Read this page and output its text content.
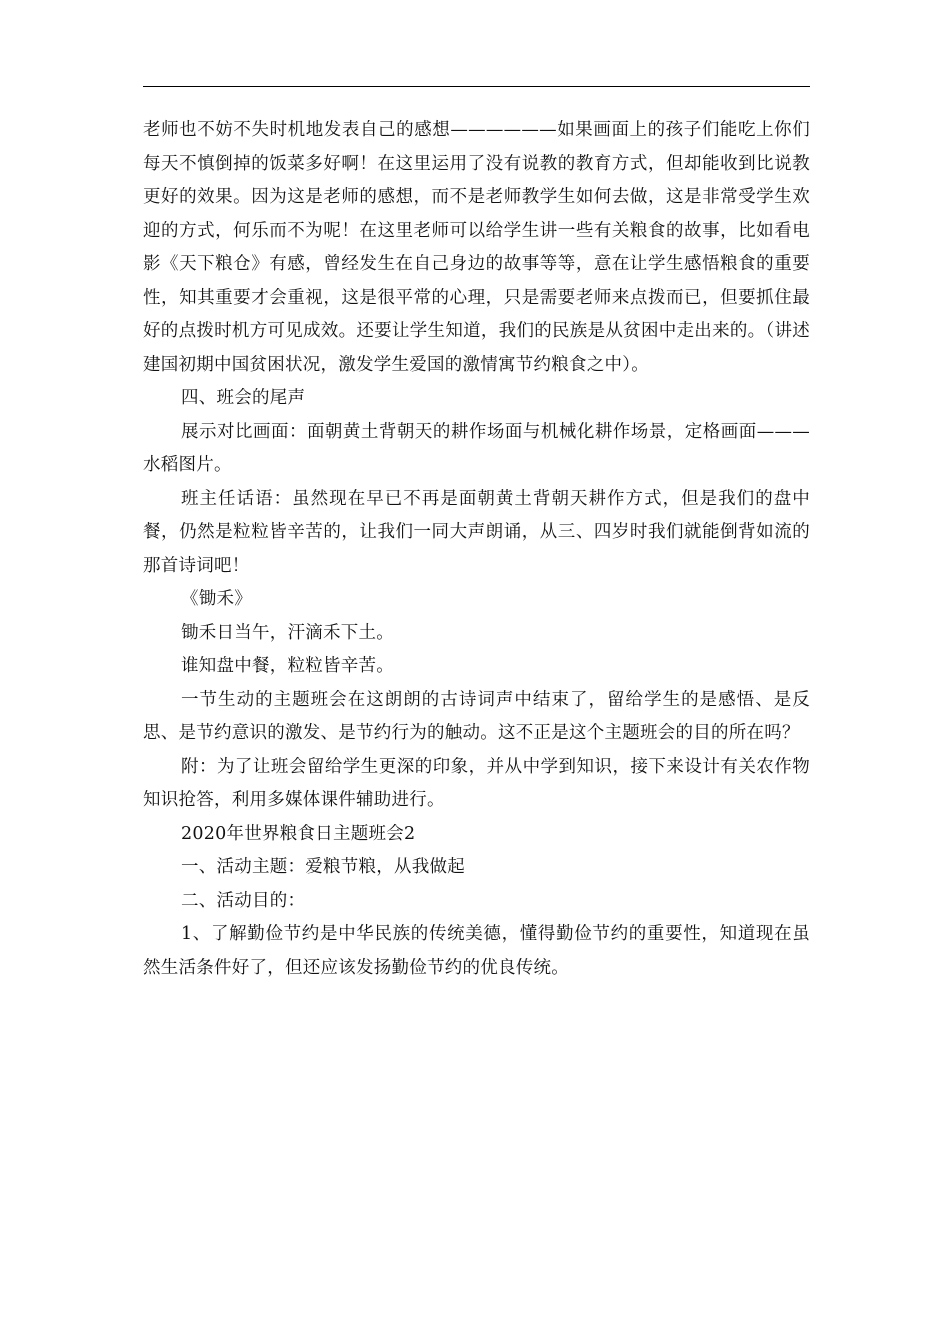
老师也不妨不失时机地发表自己的感想——————如果画面上的孩子们能吃上你们每天不慎倒掉的饭菜多好啊！在这里运用了没有说教的教育方式，但却能收到比说教更好的效果。因为这是老师的感想，而不是老师教学生如何去做，这是非常受学生欢迎的方式，何乐而不为呢！在这里老师可以给学生讲一些有关粮食的故事，比如看电影《天下粮仓》有感，曾经发生在自己身边的故事等等，意在让学生感悟粮食的重要性，知其重要才会重视，这是很平常的心理，只是需要老师来点拨而已，但要抓住最好的点拨时机方可见成效。还要让学生知道，我们的民族是从贫困中走出来的。（讲述建国初期中国贫困状况，激发学生爱国的激情寓节约粮食之中）。

四、班会的尾声

展示对比画面：面朝黄土背朝天的耕作场面与机械化耕作场景，定格画面———水稻图片。

班主任话语：虽然现在早已不再是面朝黄土背朝天耕作方式，但是我们的盘中餐，仍然是粒粒皆辛苦的，让我们一同大声朗诵，从三、四岁时我们就能倒背如流的那首诗词吧！

《锄禾》

锄禾日当午，汗滴禾下土。

谁知盘中餐，粒粒皆辛苦。

一节生动的主题班会在这朗朗的古诗词声中结束了，留给学生的是感悟、是反思、是节约意识的激发、是节约行为的触动。这不正是这个主题班会的目的所在吗？

附：为了让班会留给学生更深的印象，并从中学到知识，接下来设计有关农作物知识抢答，利用多媒体课件辅助进行。

2020年世界粮食日主题班会2

一、活动主题：爱粮节粮，从我做起

二、活动目的：

1、了解勤俭节约是中华民族的传统美德，懂得勤俭节约的重要性，知道现在虽然生活条件好了，但还应该发扬勤俭节约的优良传统。
